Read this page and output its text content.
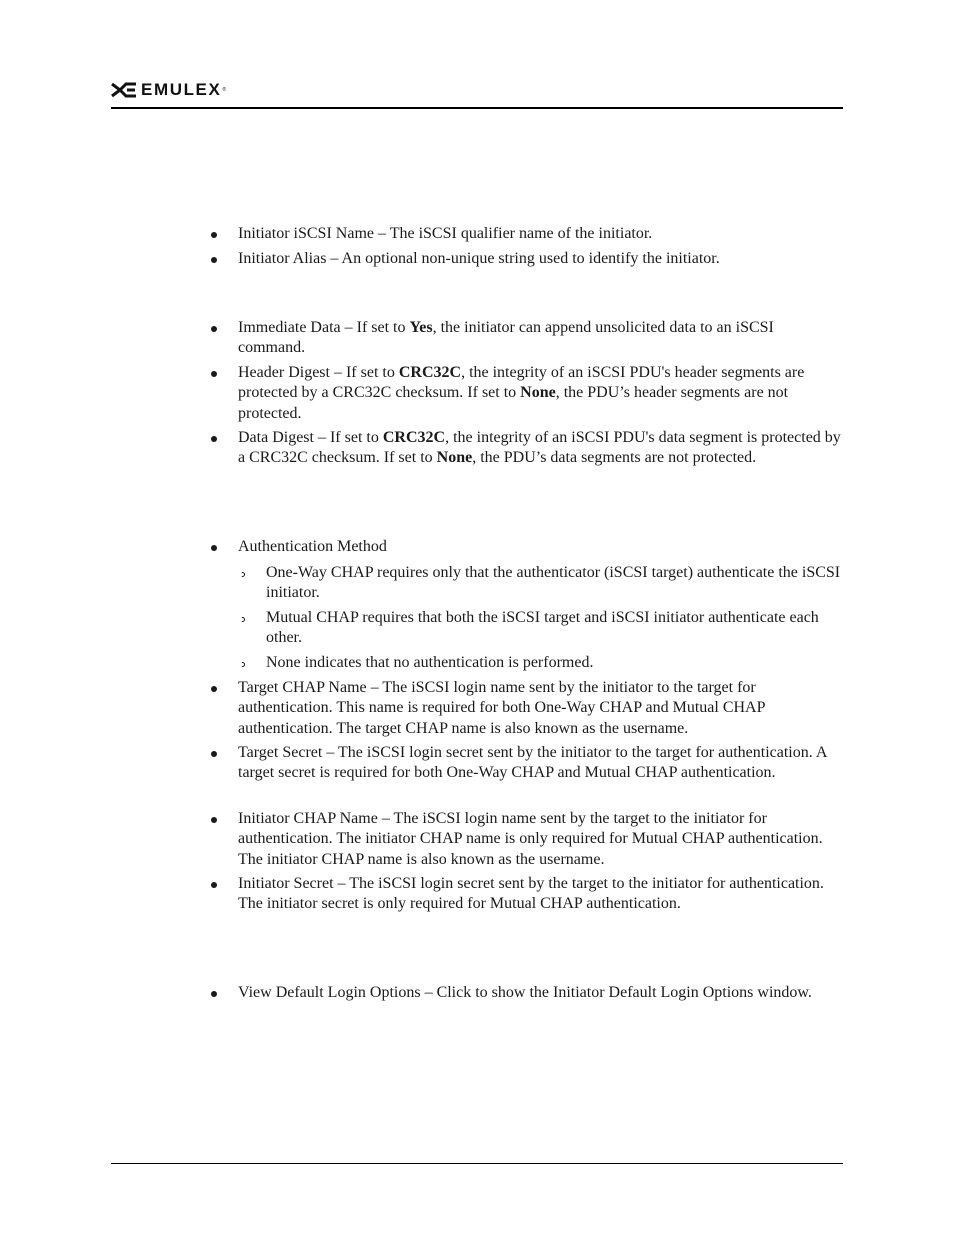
EMULEX ®

Initiator iSCSI Name – The iSCSI qualifier name of the initiator.

Initiator Alias – An optional non-unique string used to identify the initiator.

Immediate Data – If set to Yes, the initiator can append unsolicited data to an iSCSI command.

Header Digest – If set to CRC32C, the integrity of an iSCSI PDU's header segments are protected by a CRC32C checksum. If set to None, the PDU’s header segments are not protected.

Data Digest – If set to CRC32C, the integrity of an iSCSI PDU's data segment is protected by a CRC32C checksum. If set to None, the PDU’s data segments are not protected.

Authentication Method

One-Way CHAP requires only that the authenticator (iSCSI target) authenticate the iSCSI initiator.

Mutual CHAP requires that both the iSCSI target and iSCSI initiator authenticate each other.

None indicates that no authentication is performed.

Target CHAP Name – The iSCSI login name sent by the initiator to the target for authentication. This name is required for both One-Way CHAP and Mutual CHAP authentication. The target CHAP name is also known as the username.

Target Secret – The iSCSI login secret sent by the initiator to the target for authentication. A target secret is required for both One-Way CHAP and Mutual CHAP authentication.

Initiator CHAP Name – The iSCSI login name sent by the target to the initiator for authentication. The initiator CHAP name is only required for Mutual CHAP authentication. The initiator CHAP name is also known as the username.

Initiator Secret – The iSCSI login secret sent by the target to the initiator for authentication. The initiator secret is only required for Mutual CHAP authentication.

View Default Login Options – Click to show the Initiator Default Login Options window.
